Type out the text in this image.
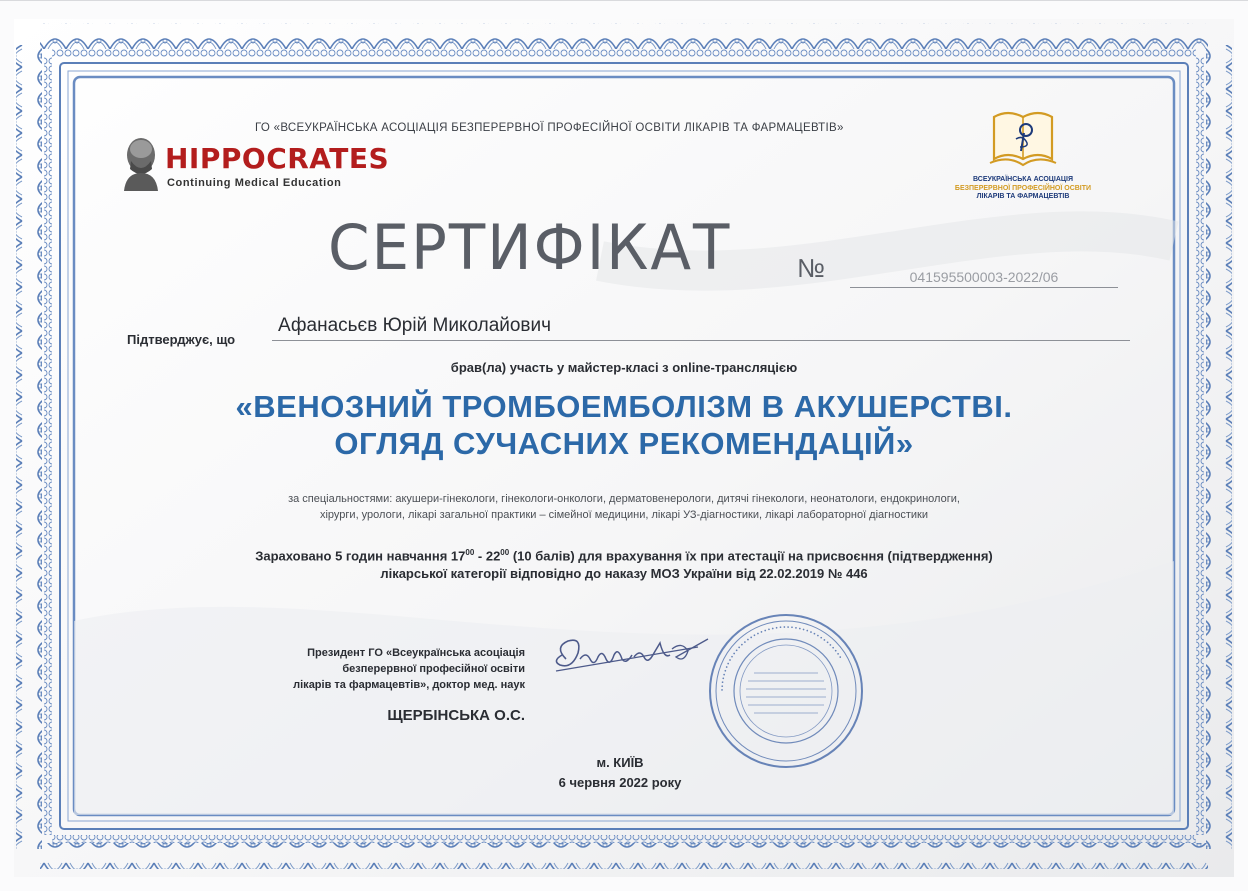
ГО «ВСЕУКРАЇНСЬКА АСОЦІАЦІЯ БЕЗПЕРЕРВНОЇ ПРОФЕСІЙНОЇ ОСВІТИ ЛІКАРІВ ТА ФАРМАЦЕВТІВ»
HIPPOCRATES
Continuing Medical Education	ВСЕУКРАЇНСЬКА АСОЦІАЦІЯ
БЕЗПЕРЕРВНОЇ ПРОФЕСІЙНОЇ ОСВІТИ
ЛІКАРІВ ТА ФАРМАЦЕВТІВ
СЕРТИФІКАТ	№	041595500003-2022/06
Підтверджує, що
Афанасьєв Юрій Миколайович
брав(ла) участь у майстер-класі з online-трансляцією
«ВЕНОЗНИЙ ТРОМБОЕМБОЛІЗМ В АКУШЕРСТВІ.
ОГЛЯД СУЧАСНИХ РЕКОМЕНДАЦІЙ»
за спеціальностями: акушери-гінекологи, гінекологи-онкологи, дерматовенерологи, дитячі гінекологи, неонатологи, ендокринологи,
хірурги, урологи, лікарі загальної практики – сімейної медицини, лікарі УЗ-діагностики, лікарі лабораторної діагностики
Зараховано 5 годин навчання $17^{00} - 22^{00}$ (10 балів) для врахування їх при атестації на присвоєння (підтвердження)
лікарської категорії відповідно до наказу МОЗ України від 22.02.2019 № 446
Президент ГО «Всеукраїнська асоціація
безперервної професійної освіти
лікарів та фармацевтів», доктор мед. наук
ЩЕРБІНСЬКА О.С.
• • • • • • • • • • • • • • • • • • • • • • • • • • • • • • • • • • • • • • • • • • •
м. КИЇВ
6 червня 2022 року
